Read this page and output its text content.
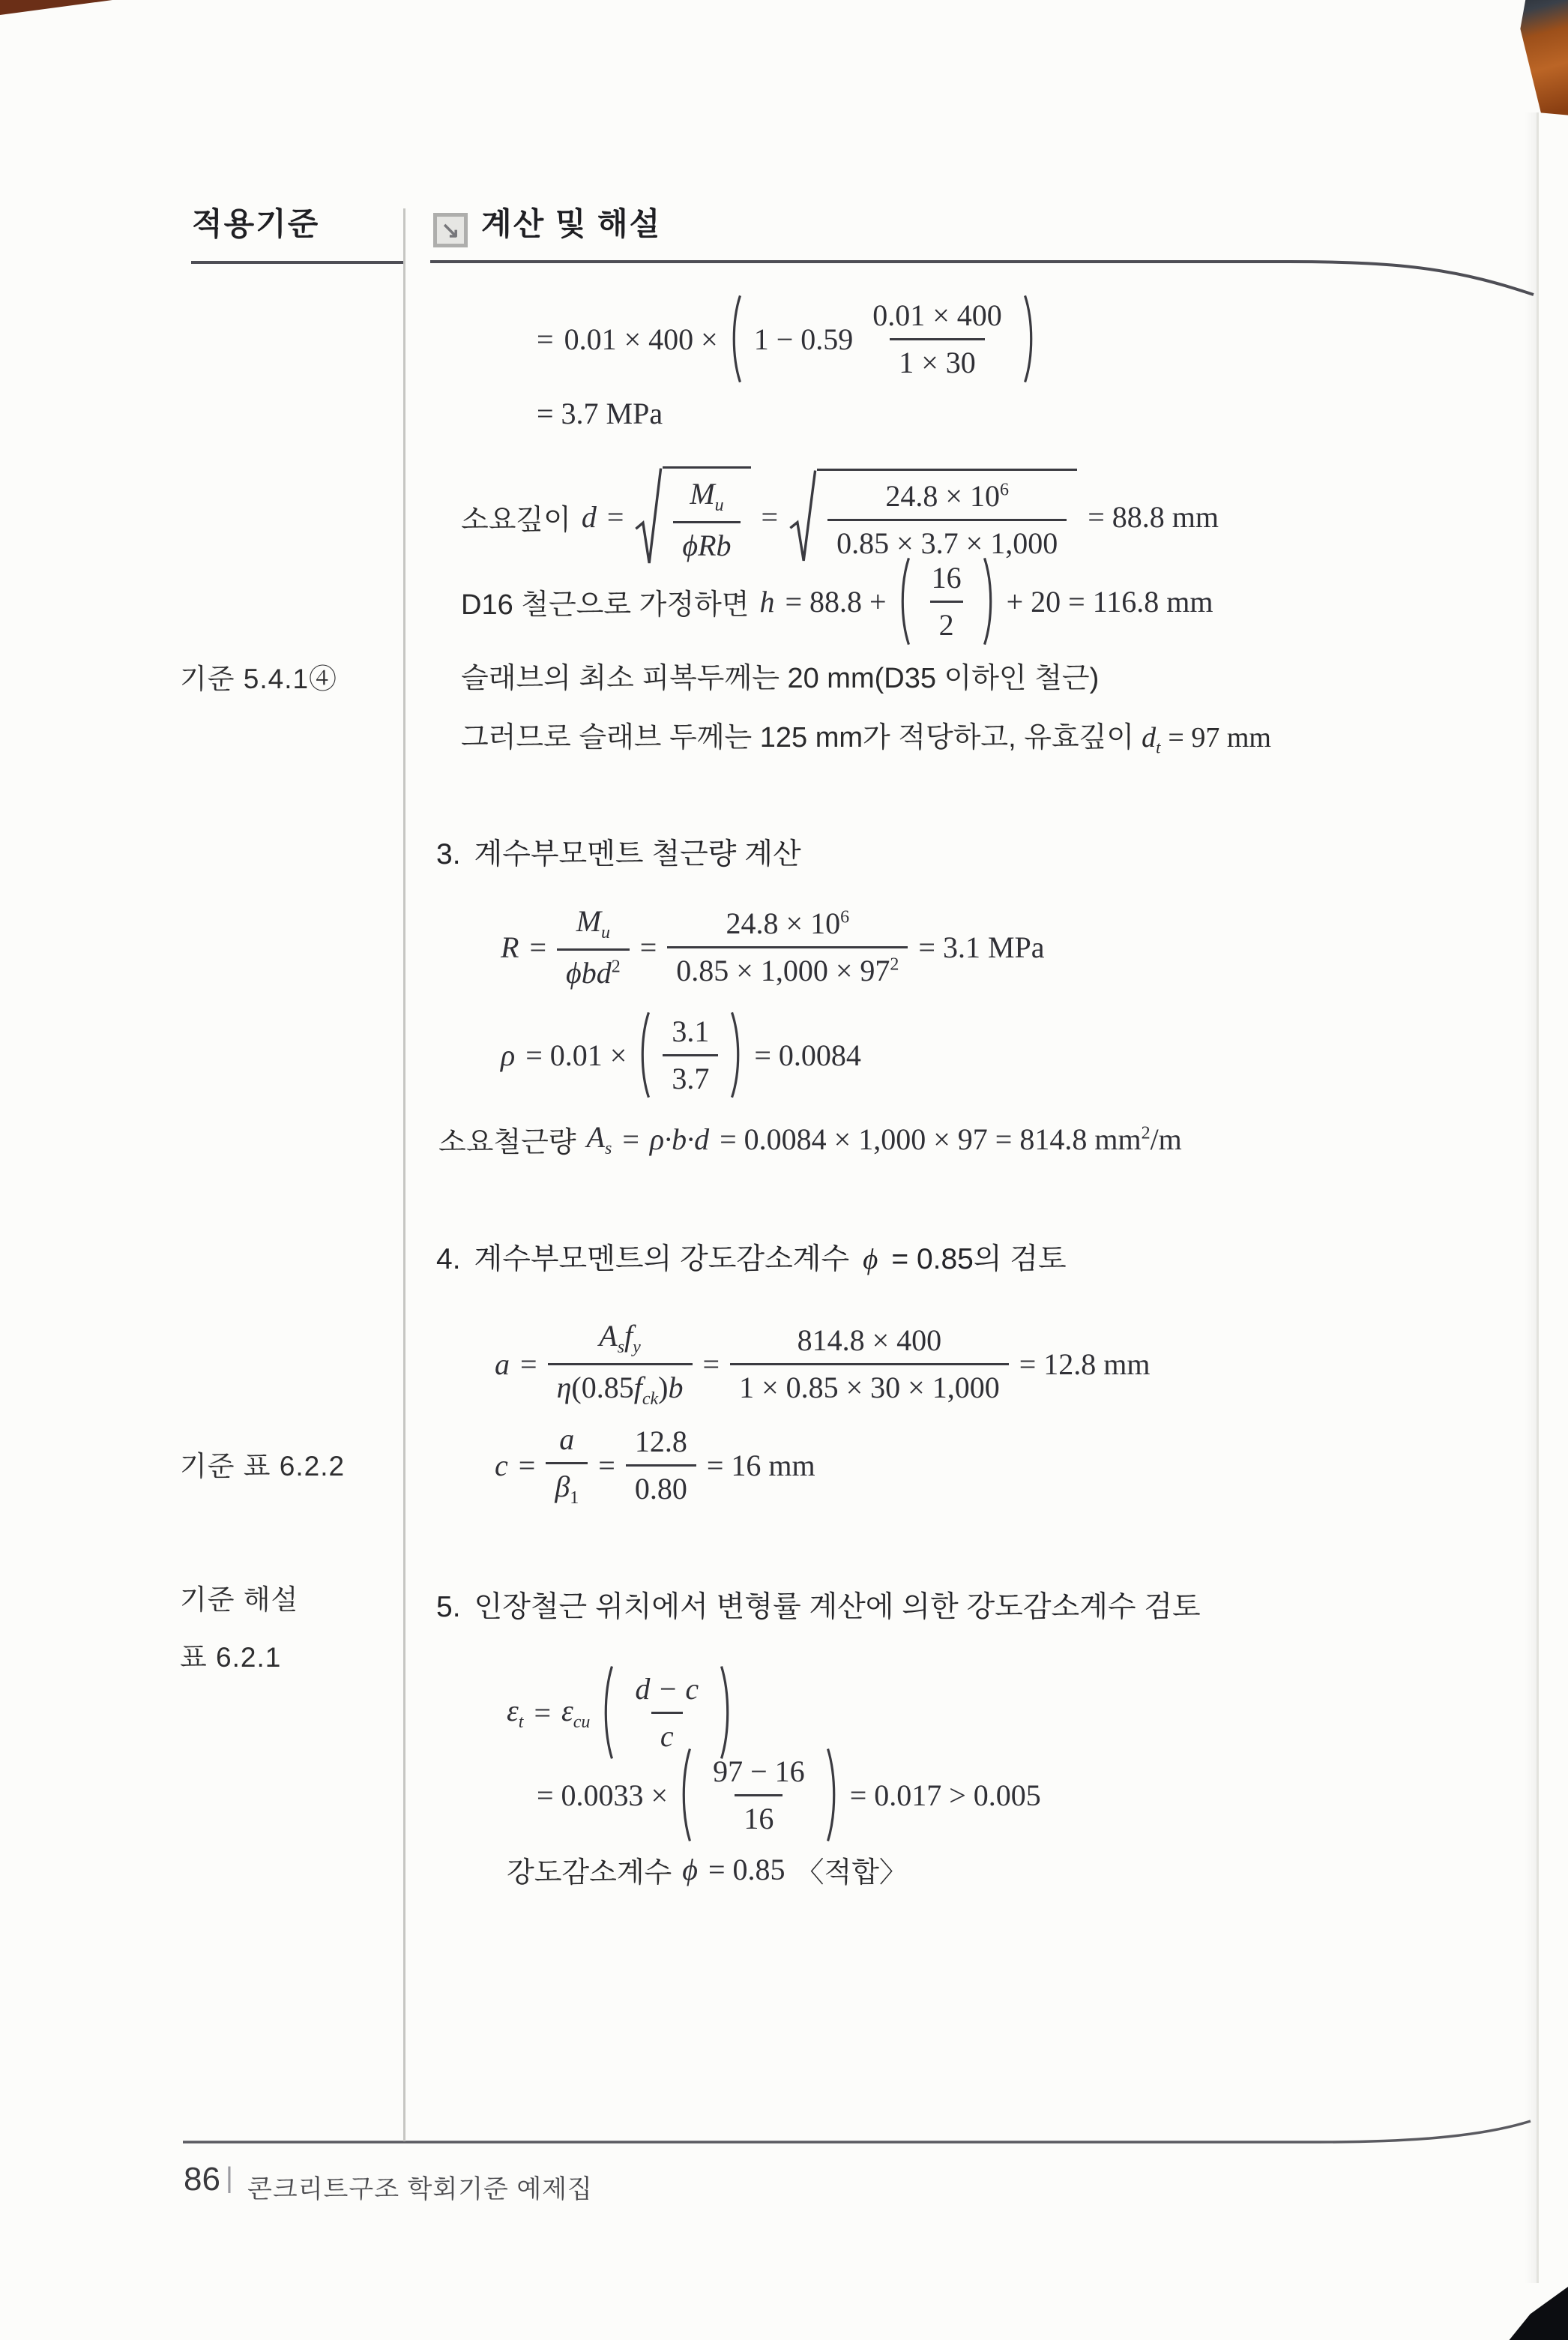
적용기준	↘ 계산 및 해설
기준 5.4.1④
기준 표 6.2.2
기준 해설
표 6.2.1
= $0.01 \times 400 \times 1 - 0.59 \frac{0.01 \times 400}{1 \times 30}$
= 3.7 MPa
소요깊이 $d = \frac{M_u}{\text{ϕRb}} = \frac{24.8 \times 10^6}{0.85 \times 3.7 \times 1,000} = 88.8$ mm
D16 철근으로 가정하면 $h = 88.8 + \frac{16}{2} + 20 = 116.8$ mm
슬래브의 최소 피복두께는 20 mm(D35 이하인 철근)
그러므로 슬래브 두께는 125 mm가 적당하고, 유효깊이 $d_t = 97$ mm
3. 계수부모멘트 철근량 계산
$R = \frac{M_u}{\phi bd^2} = \frac{24.8 \times 10^6}{0.85 \times 1,000 \times 97^2} = 3.1$ MPa
$\rho = 0.01 \times \frac{3.1}{3.7} = 0.0084$
소요철근량 $A_s = \rho\cdot b\cdot d = 0.0084 \times 1,000 \times 97 = 814.8$ $mm^2/m$
4. 계수부모멘트의 강도감소계수 ϕ = 0.85의 검토
$a = \frac{A_sf_y}{\eta(0.85f_{ck})b} = \frac{814.8 \times 400}{1 \times 0.85 \times 30 \times 1,000} = 12.8$ mm
$c = \frac{a}{\beta_1} = \frac{12.8}{0.80} = 16$ mm
5. 인장철근 위치에서 변형률 계산에 의한 강도감소계수 검토
$\varepsilon_t = \varepsilon_{cu} \frac{d - c}{c}$
= $0.0033 \times \frac{97 - 16}{16} = 0.017 > 0.005$
강도감소계수 ϕ = 0.85 〈적합〉
86 | 콘크리트구조 학회기준 예제집
